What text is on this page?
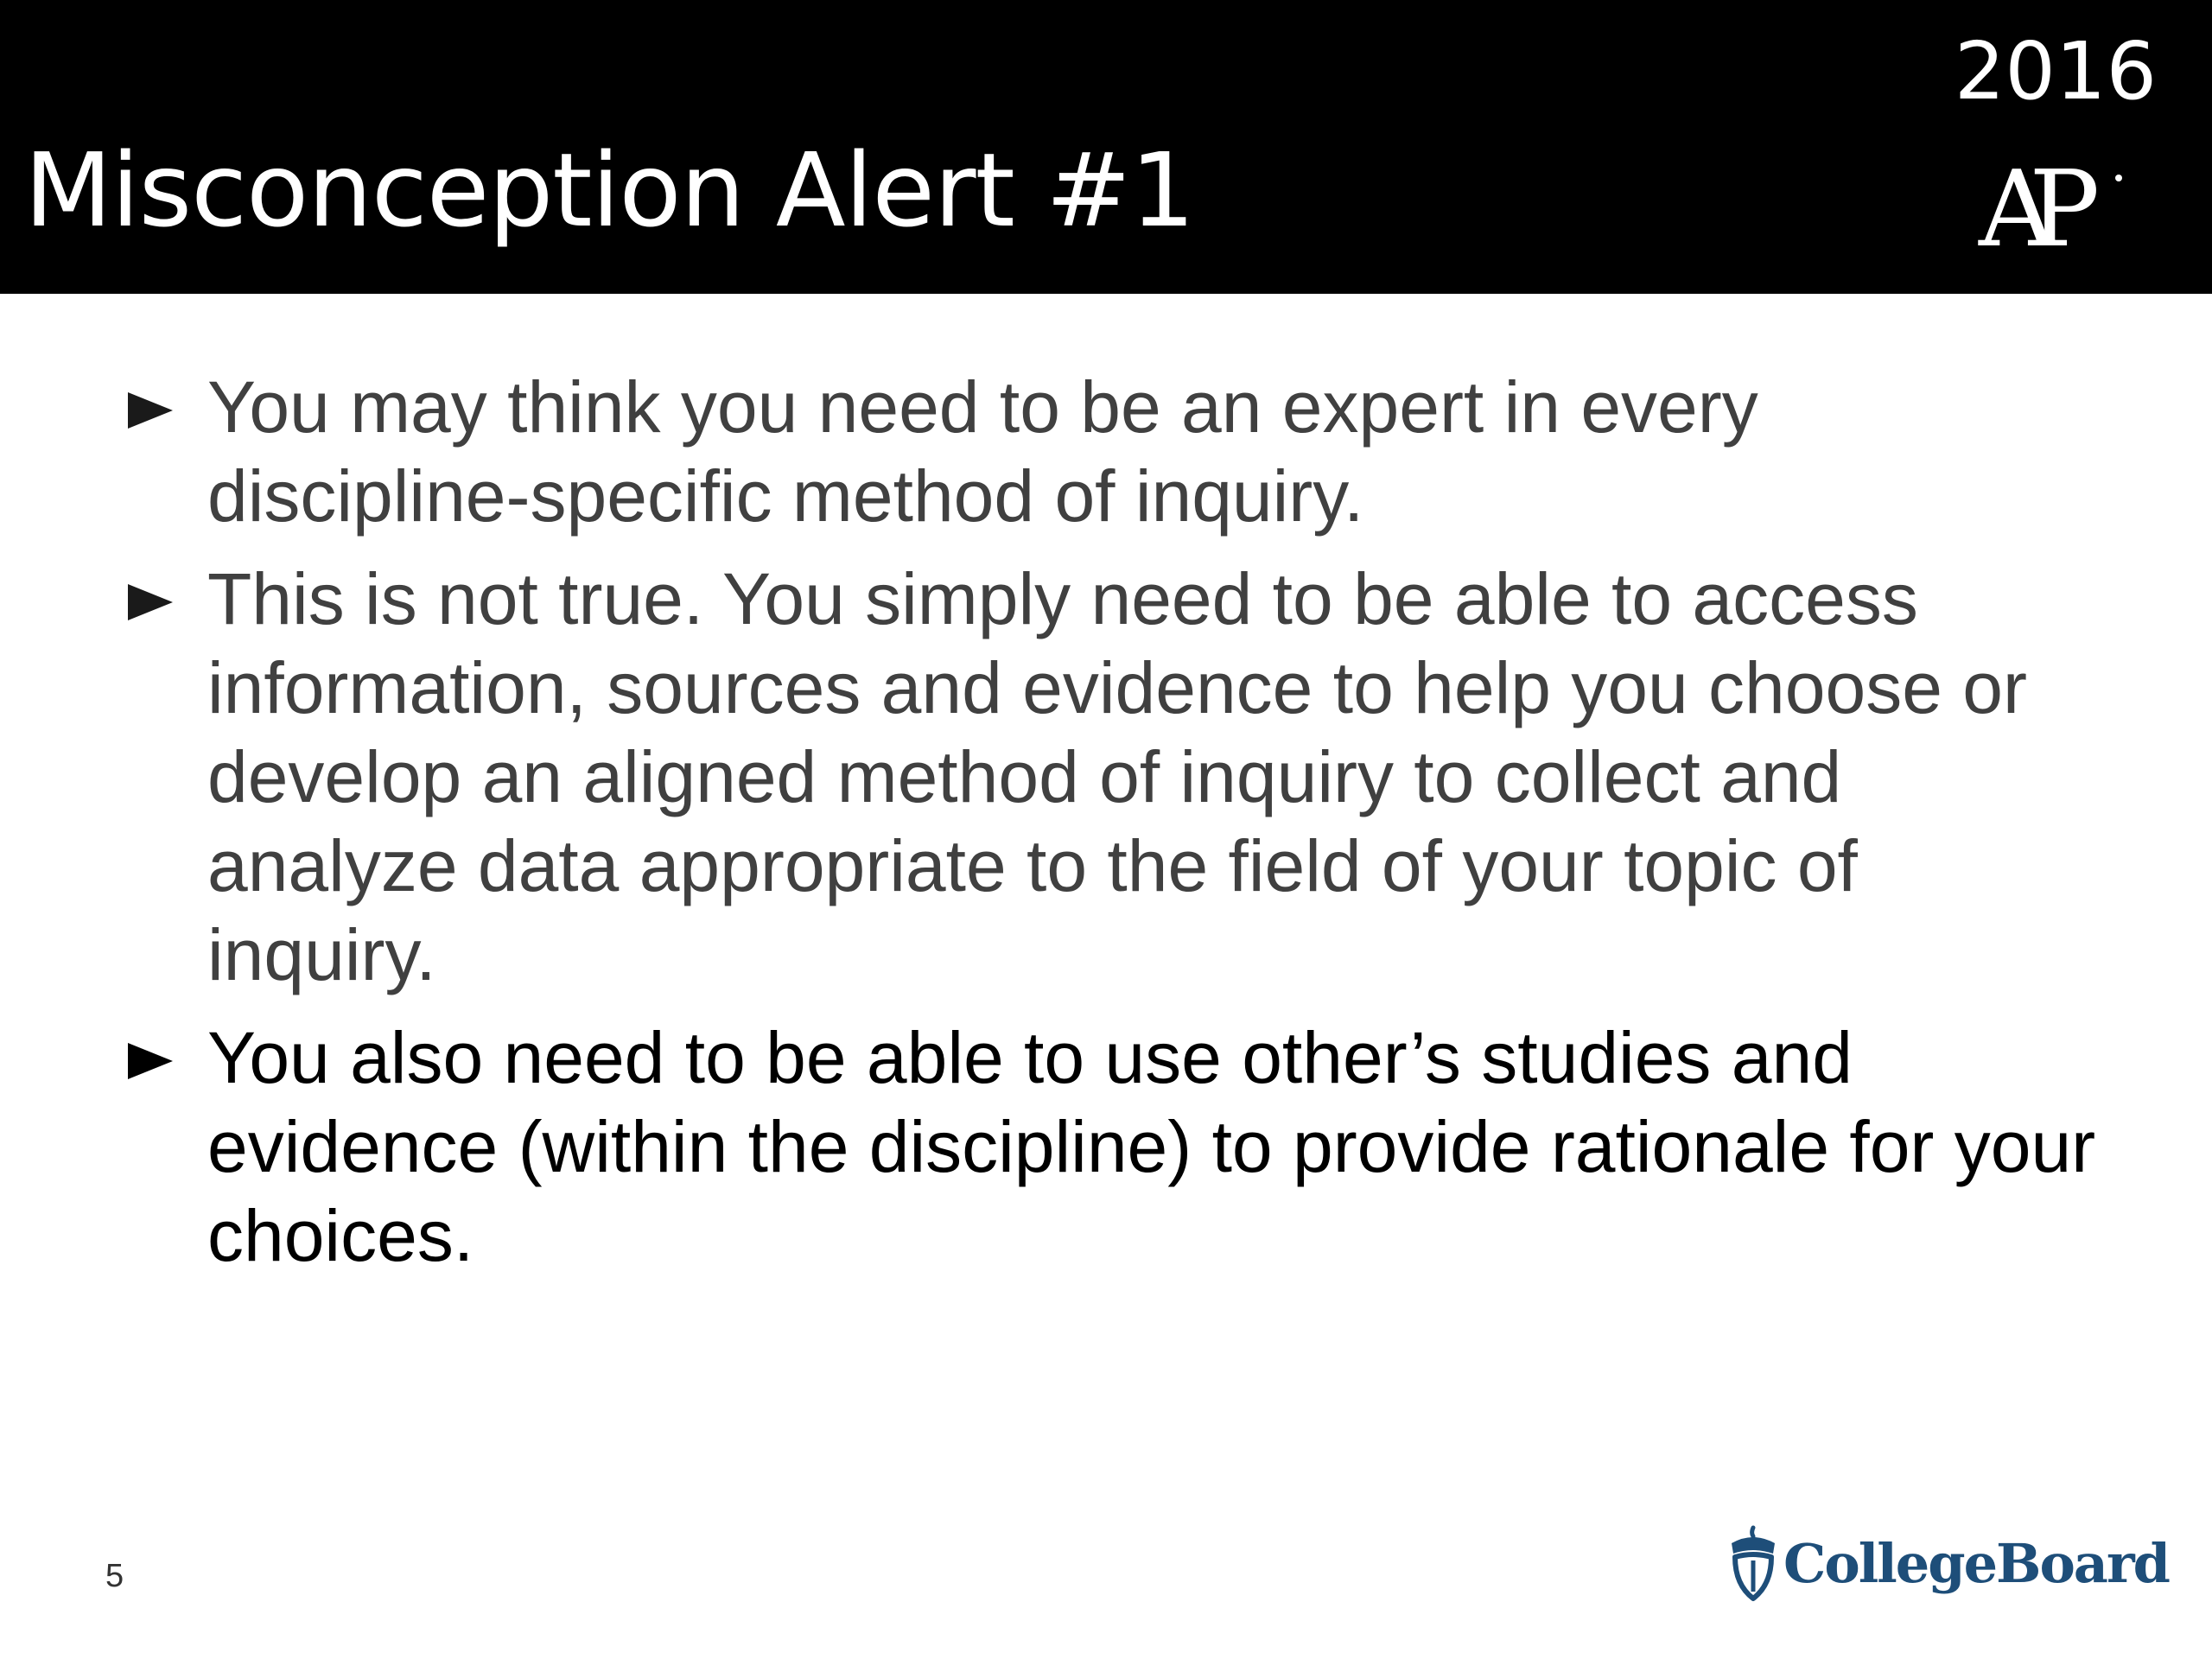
Misconception Alert #1
2016
AP
You may think you need to be an expert in every discipline-specific method of inquiry.
This is not true. You simply need to be able to access information, sources and evidence to help you choose or develop an aligned method of inquiry to collect and analyze data appropriate to the field of your topic of inquiry.
You also need to be able to use other’s studies and evidence (within the discipline) to provide rationale for your choices.
5	CollegeBoard
